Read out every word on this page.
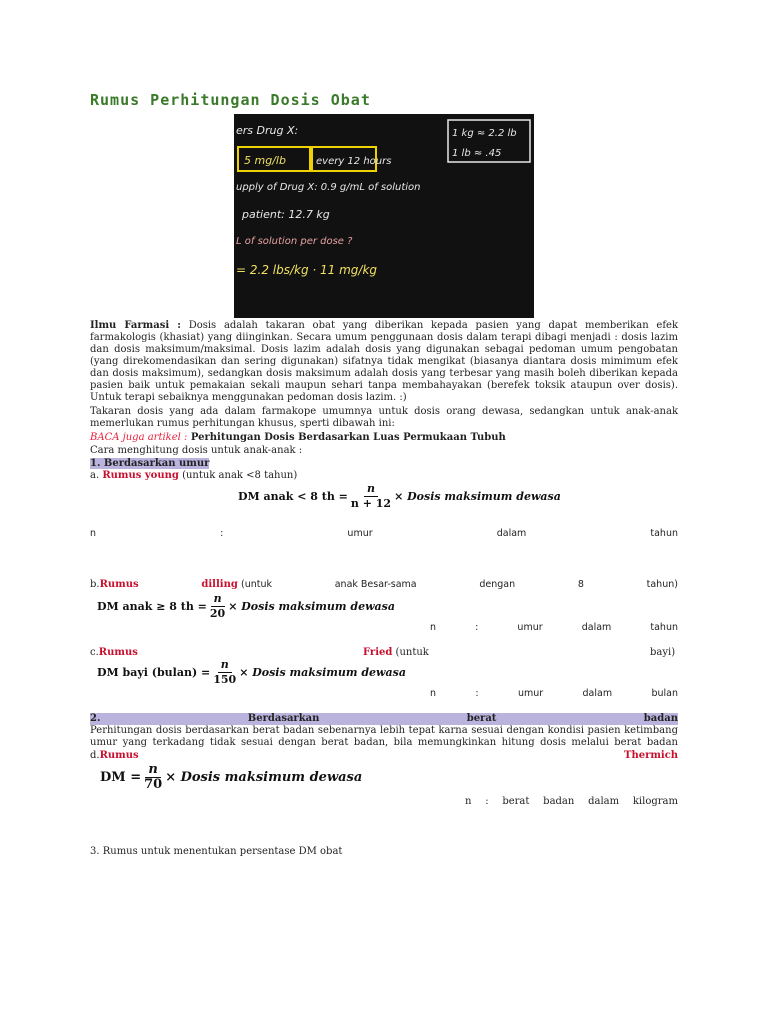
Rumus Perhitungan Dosis Obat
ers Drug X:	1 kg ≈ 2.2 lb
1 lb ≈ .45
5 mg/lb	every 12 hours
upply of Drug X: 0.9 g/mL of solution
patient: 12.7 kg
L of solution per dose ?
= 2.2 lbs/kg · 11 mg/kg
Ilmu Farmasi : Dosis adalah takaran obat yang diberikan kepada pasien yang dapat memberikan efek farmakologis (khasiat) yang diinginkan. Secara umum penggunaan dosis dalam terapi dibagi menjadi : dosis lazim dan dosis maksimum/maksimal. Dosis lazim adalah dosis yang digunakan sebagai pedoman umum pengobatan (yang direkomendasikan dan sering digunakan) sifatnya tidak mengikat (biasanya diantara dosis mimimum efek dan dosis maksimum), sedangkan dosis maksimum adalah dosis yang terbesar yang masih boleh diberikan kepada pasien baik untuk pemakaian sekali maupun sehari tanpa membahayakan (berefek toksik ataupun over dosis). Untuk terapi sebaiknya menggunakan pedoman dosis lazim. :)
Takaran dosis yang ada dalam farmakope umumnya untuk dosis orang dewasa, sedangkan untuk anak-anak memerlukan rumus perhitungan khusus, sperti dibawah ini:
BACA juga artikel : Perhitungan Dosis Berdasarkan Luas Permukaan Tubuh
Cara menghitung dosis untuk anak-anak :
1. Berdasarkan umur
a. Rumus young (untuk anak <8 tahun)
DM anak < 8 th = $\frac{n}{n + 12}$ × Dosis maksimum dewasa
n	:	umur	dalam	tahun
b.Rumus	dilling (untuk	anak Besar-sama	dengan	8	tahun)
DM anak ≥ 8 th = $\frac{n}{20}$ × Dosis maksimum dewasa
n	:	umur	dalam	tahun
c.Rumus	Fried (untuk	bayi)
DM bayi (bulan) = $\frac{n}{150}$ × Dosis maksimum dewasa
n	:	umur	dalam	bulan
2.	Berdasarkan	berat	badan
Perhitungan dosis berdasarkan berat badan sebenarnya lebih tepat karna sesuai dengan kondisi pasien ketimbang umur yang terkadang tidak sesuai dengan berat badan, bila memungkinkan hitung dosis melalui berat badan
d.Rumus	Thermich
DM = $\frac{n}{70}$ × Dosis maksimum dewasa
n : berat badan dalam kilogram
3. Rumus untuk menentukan persentase DM obat
